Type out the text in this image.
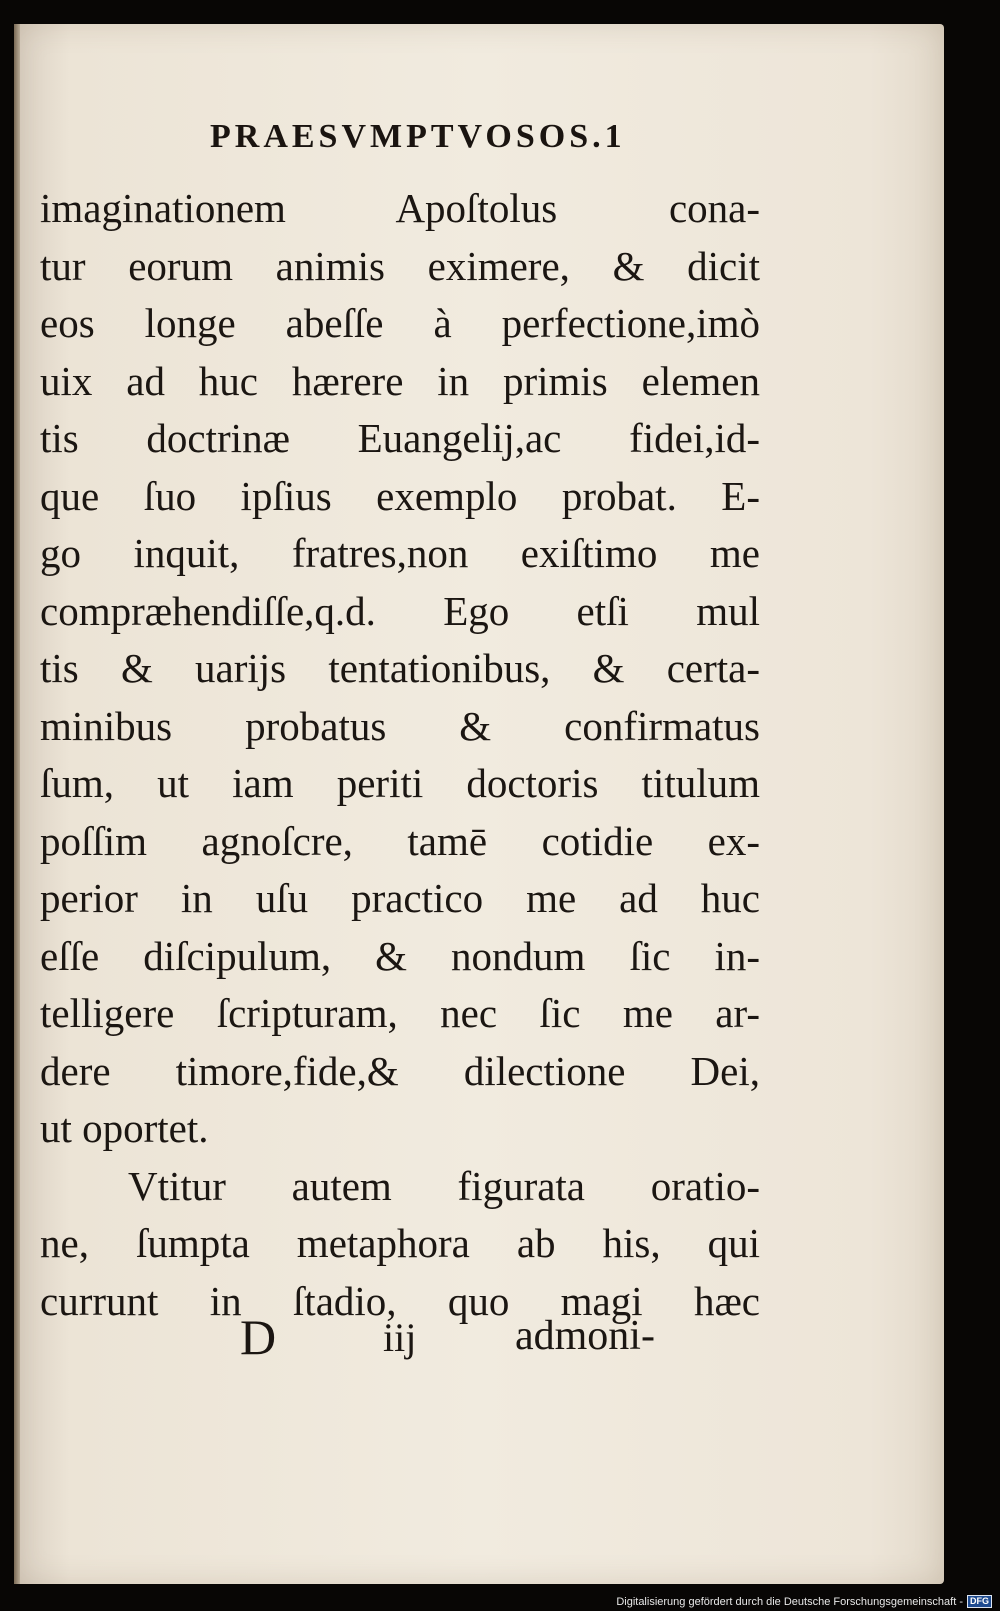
PRAESVMPTVOSOS.1
imaginationem Apoſtolus cona-
tur eorum animis eximere, & dicit
eos longe abeſſe à perfectione,imò
uix ad huc hærere in primis elemen
tis doctrinæ Euangelij,ac fidei,id-
que ſuo ipſius exemplo probat. E-
go inquit, fratres,non exiſtimo me
compræhendiſſe,q.d. Ego etſi mul
tis & uarijs tentationibus, & certa-
minibus probatus & confirmatus
ſum, ut iam periti doctoris titulum
poſſim agnoſcre, tamē cotidie ex-
perior in uſu practico me ad huc
eſſe diſcipulum, & nondum ſic in-
telligere ſcripturam, nec ſic me ar-
dere timore,fide,& dilectione Dei,
ut oportet.
Vtitur autem figurata oratio-
ne, ſumpta metaphora ab his, qui
currunt in ſtadio, quo magi hæc
D	iij admoni-
Digitalisierung gefördert durch die Deutsche Forschungsgemeinschaft - DFG
